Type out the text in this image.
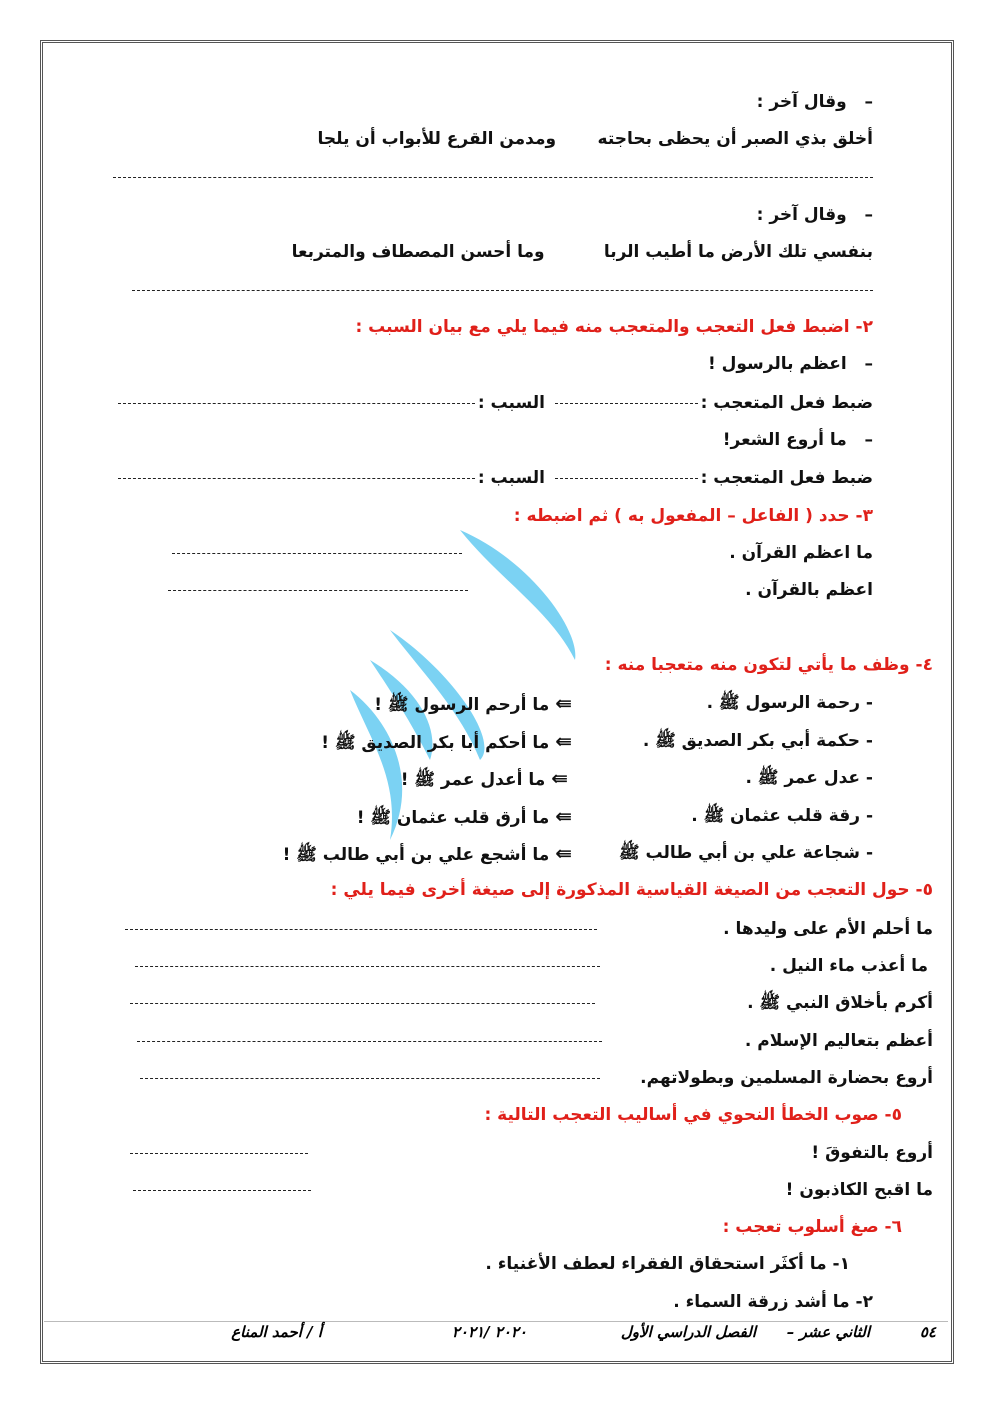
–   وقال آخر :
أخلق بذي الصبر أن يحظى بحاجته       ومدمن القرع للأبواب أن يلجا
–   وقال آخر :
بنفسي تلك الأرض ما أطيب الربا          وما أحسن المصطاف والمتربعا
٢- اضبط فعل التعجب والمتعجب منه فيما يلي مع بيان السبب :
–   اعظم بالرسول !
ضبط فعل المتعجب :
السبب :
–   ما أروع الشعر!
ضبط فعل المتعجب :
السبب :
٣- حدد ( الفاعل – المفعول به ) ثم اضبطه :
ما اعظم القرآن .
اعظم بالقرآن .
٤- وظف ما يأتي لتكون منه متعجبا منه :
- رحمة الرسول ﷺ .
⇚ما أرحم الرسول ﷺ !
- حكمة أبي بكر الصديق ﷺ .
⇚ما أحكم أبا بكر الصديق ﷺ !
- عدل عمر ﷺ .
⇚ما أعدل عمر ﷺ !
- رقة قلب عثمان ﷺ .
⇚ما أرق قلب عثمان ﷺ !
- شجاعة علي بن أبي طالب ﷺ
⇚ما أشجع علي بن أبي طالب ﷺ !
٥- حول التعجب من الصيغة القياسية المذكورة إلى صيغة أخرى فيما يلي :
ما أحلم الأم على وليدها .
ما أعذب ماء النيل .
أكرم بأخلاق النبي ﷺ .
أعظم بتعاليم الإسلام .
أروع بحضارة المسلمين وبطولاتهم.
٥- صوب الخطأ النحوي في أساليب التعجب التالية :
أروع بالتفوقَ !
ما اقبح الكاذبون !
٦- صغ أسلوب تعجب :
١- ما أكثَر استحقاق الفقراء لعطف الأغنياء .
٢- ما أشد زرقة السماء .
٥٤
الثاني عشر –
الفصل الدراسي الأول
٢٠٢٠ /٢٠٢١
أ / أحمد المناع
